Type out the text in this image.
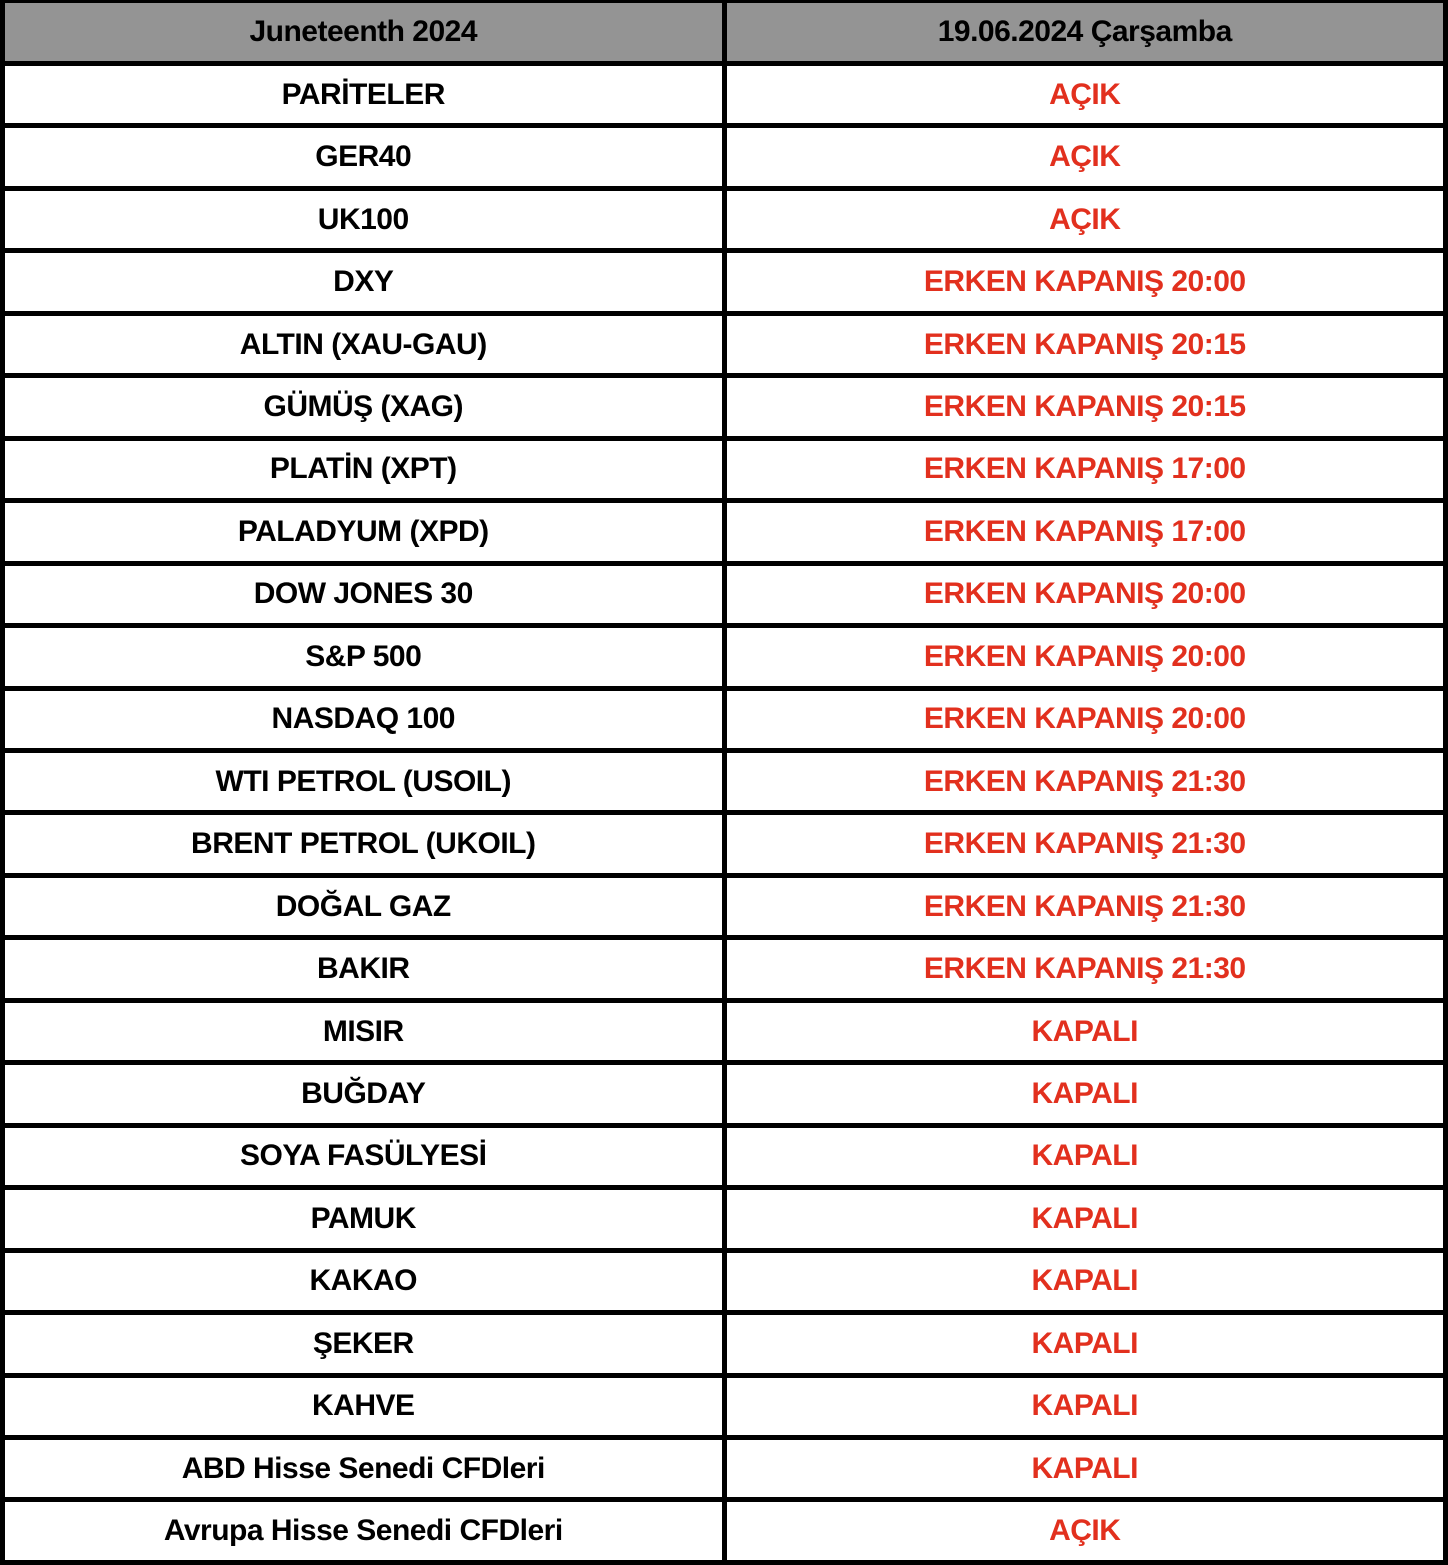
Juneteenth 2024	19.06.2024 Çarşamba
PARİTELER	AÇIK
GER40	AÇIK
UK100	AÇIK
DXY	ERKEN KAPANIŞ 20:00
ALTIN (XAU-GAU)	ERKEN KAPANIŞ 20:15
GÜMÜŞ (XAG)	ERKEN KAPANIŞ 20:15
PLATİN (XPT)	ERKEN KAPANIŞ 17:00
PALADYUM (XPD)	ERKEN KAPANIŞ 17:00
DOW JONES 30	ERKEN KAPANIŞ 20:00
S&P 500	ERKEN KAPANIŞ 20:00
NASDAQ 100	ERKEN KAPANIŞ 20:00
WTI PETROL (USOIL)	ERKEN KAPANIŞ 21:30
BRENT PETROL (UKOIL)	ERKEN KAPANIŞ 21:30
DOĞAL GAZ	ERKEN KAPANIŞ 21:30
BAKIR	ERKEN KAPANIŞ 21:30
MISIR	KAPALI
BUĞDAY	KAPALI
SOYA FASÜLYESİ	KAPALI
PAMUK	KAPALI
KAKAO	KAPALI
ŞEKER	KAPALI
KAHVE	KAPALI
ABD Hisse Senedi CFDleri	KAPALI
Avrupa Hisse Senedi CFDleri	AÇIK
